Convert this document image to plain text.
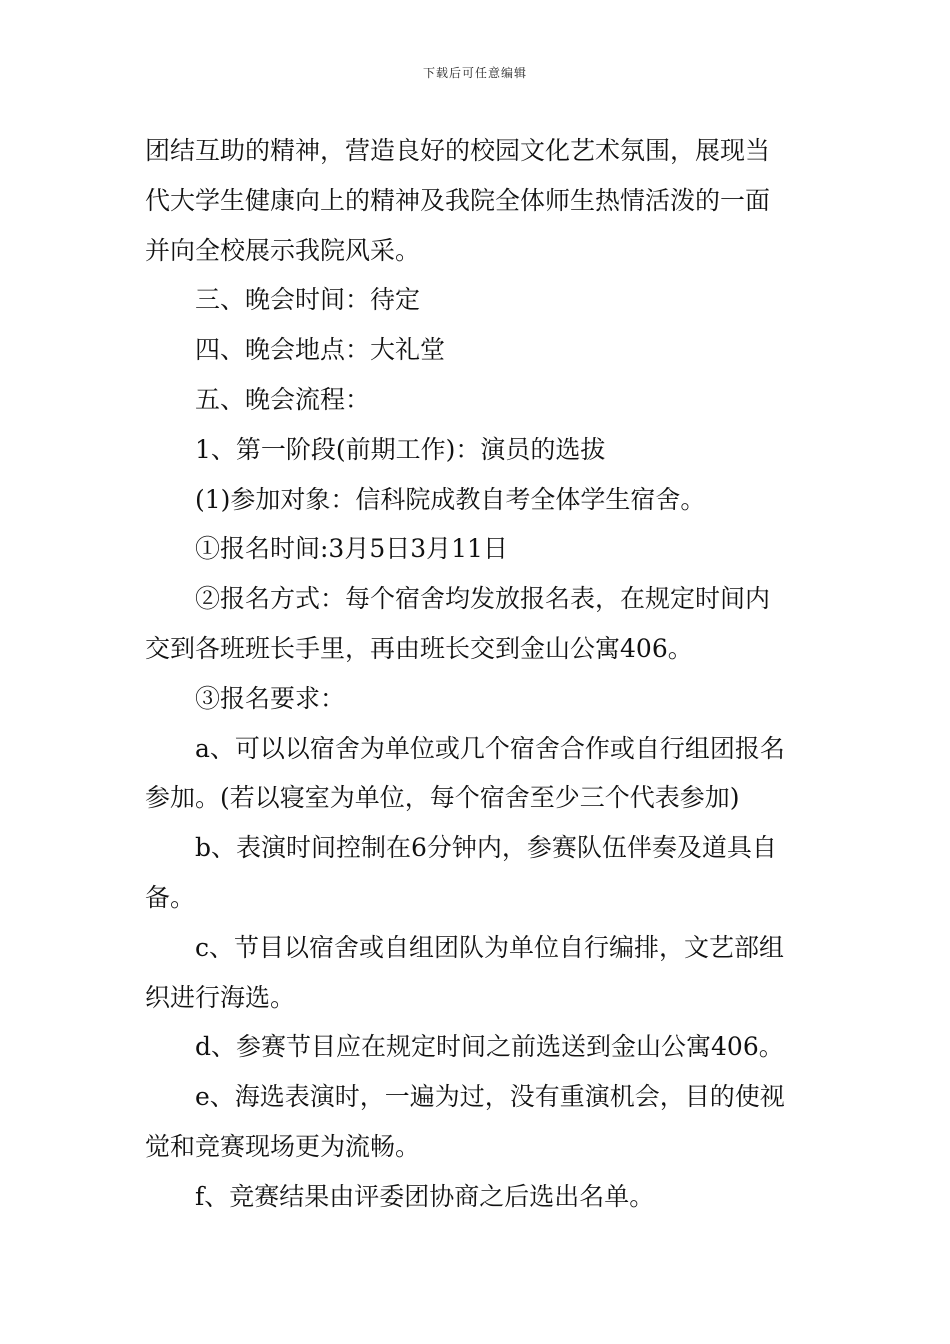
下载后可任意编辑
团结互助的精神，营造良好的校园文化艺术氛围，展现当
代大学生健康向上的精神及我院全体师生热情活泼的一面
并向全校展示我院风采。
三、晚会时间：待定
四、晚会地点：大礼堂
五、晚会流程：
1、第一阶段(前期工作)：演员的选拔
(1)参加对象：信科院成教自考全体学生宿舍。
①报名时间:3月5日3月11日
②报名方式：每个宿舍均发放报名表，在规定时间内
交到各班班长手里，再由班长交到金山公寓406。
③报名要求：
a、可以以宿舍为单位或几个宿舍合作或自行组团报名
参加。(若以寝室为单位，每个宿舍至少三个代表参加)
b、表演时间控制在6分钟内，参赛队伍伴奏及道具自
备。
c、节目以宿舍或自组团队为单位自行编排，文艺部组
织进行海选。
d、参赛节目应在规定时间之前选送到金山公寓406。
e、海选表演时，一遍为过，没有重演机会，目的使视
觉和竞赛现场更为流畅。
f、竞赛结果由评委团协商之后选出名单。
